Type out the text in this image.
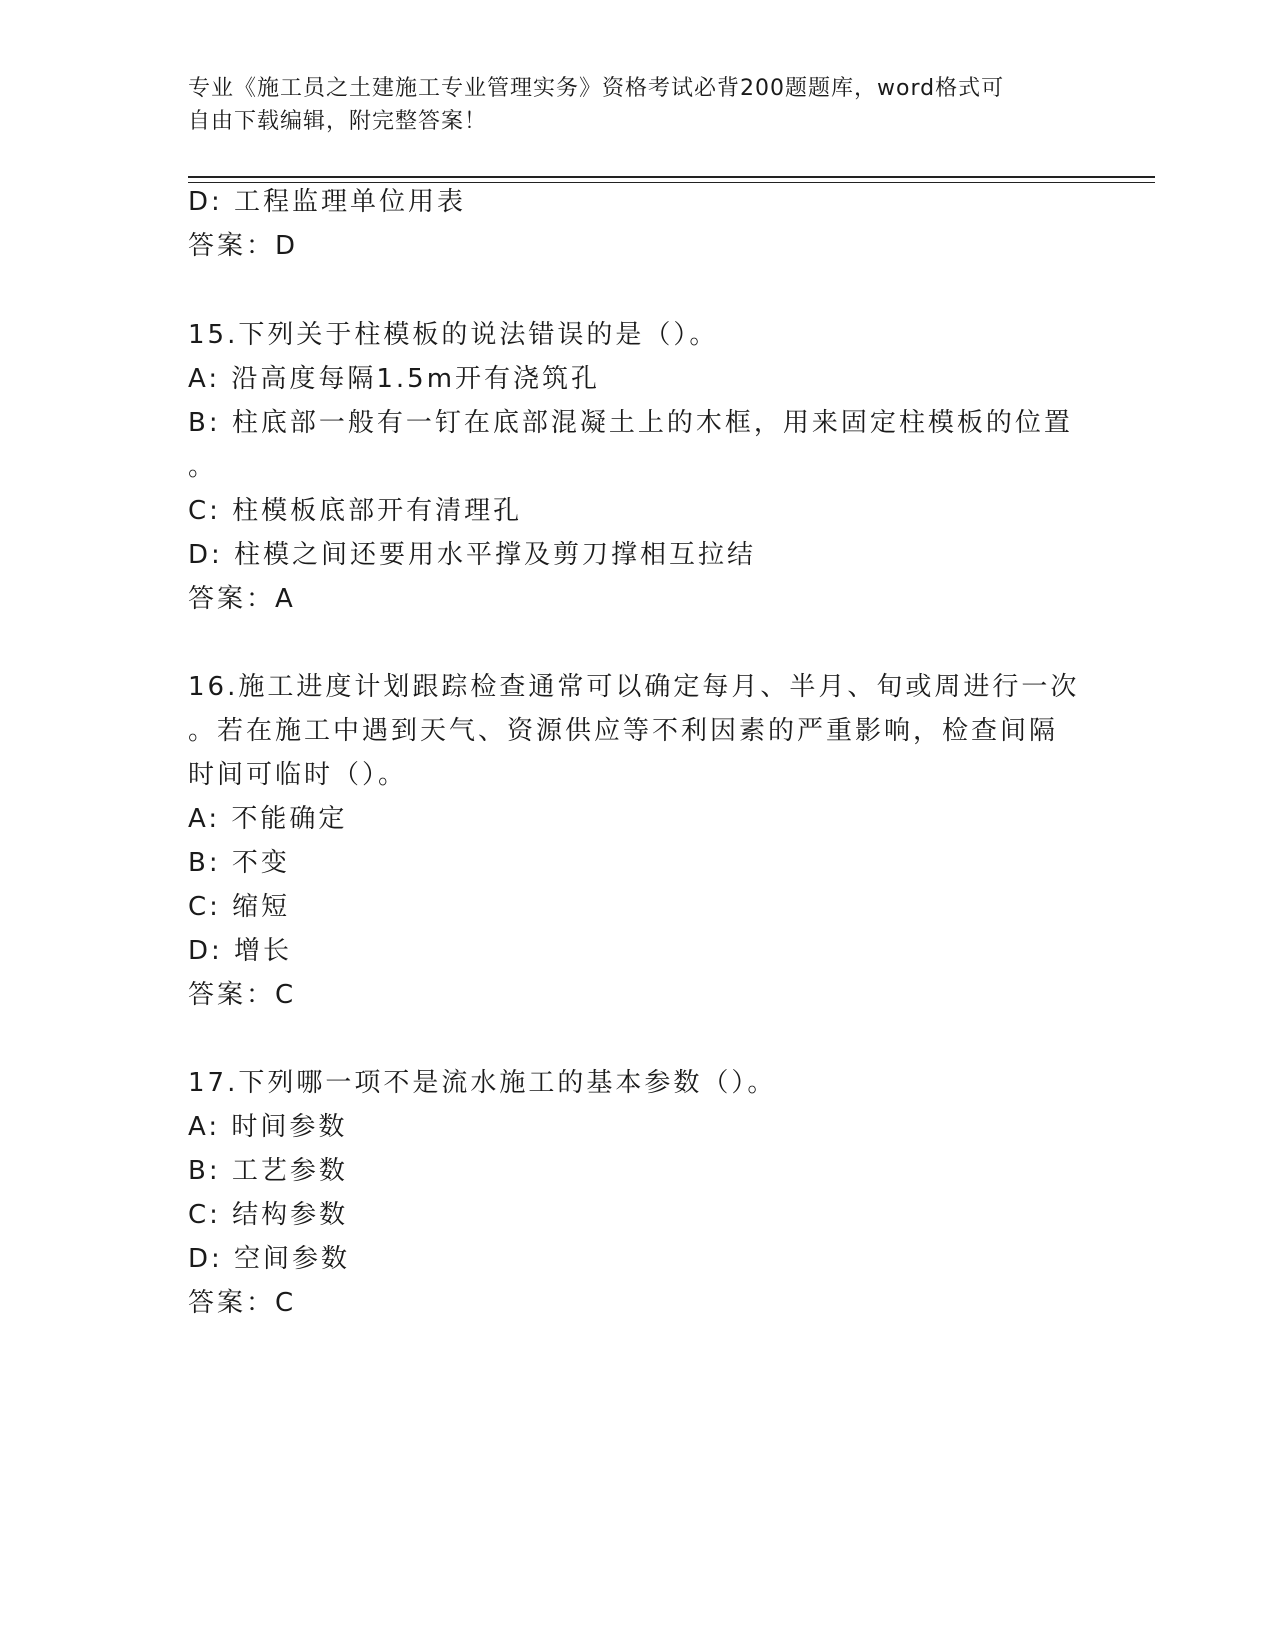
专业《施工员之土建施工专业管理实务》资格考试必背200题题库，word格式可
自由下载编辑，附完整答案！
D: 工程监理单位用表
答案：D
15.下列关于柱模板的说法错误的是（）。
A: 沿高度每隔1.5m开有浇筑孔
B: 柱底部一般有一钉在底部混凝土上的木框，用来固定柱模板的位置
。
C: 柱模板底部开有清理孔
D: 柱模之间还要用水平撑及剪刀撑相互拉结
答案：A
16.施工进度计划跟踪检查通常可以确定每月、半月、旬或周进行一次
。若在施工中遇到天气、资源供应等不利因素的严重影响，检查间隔
时间可临时（）。
A: 不能确定
B: 不变
C: 缩短
D: 增长
答案：C
17.下列哪一项不是流水施工的基本参数（）。
A: 时间参数
B: 工艺参数
C: 结构参数
D: 空间参数
答案：C
